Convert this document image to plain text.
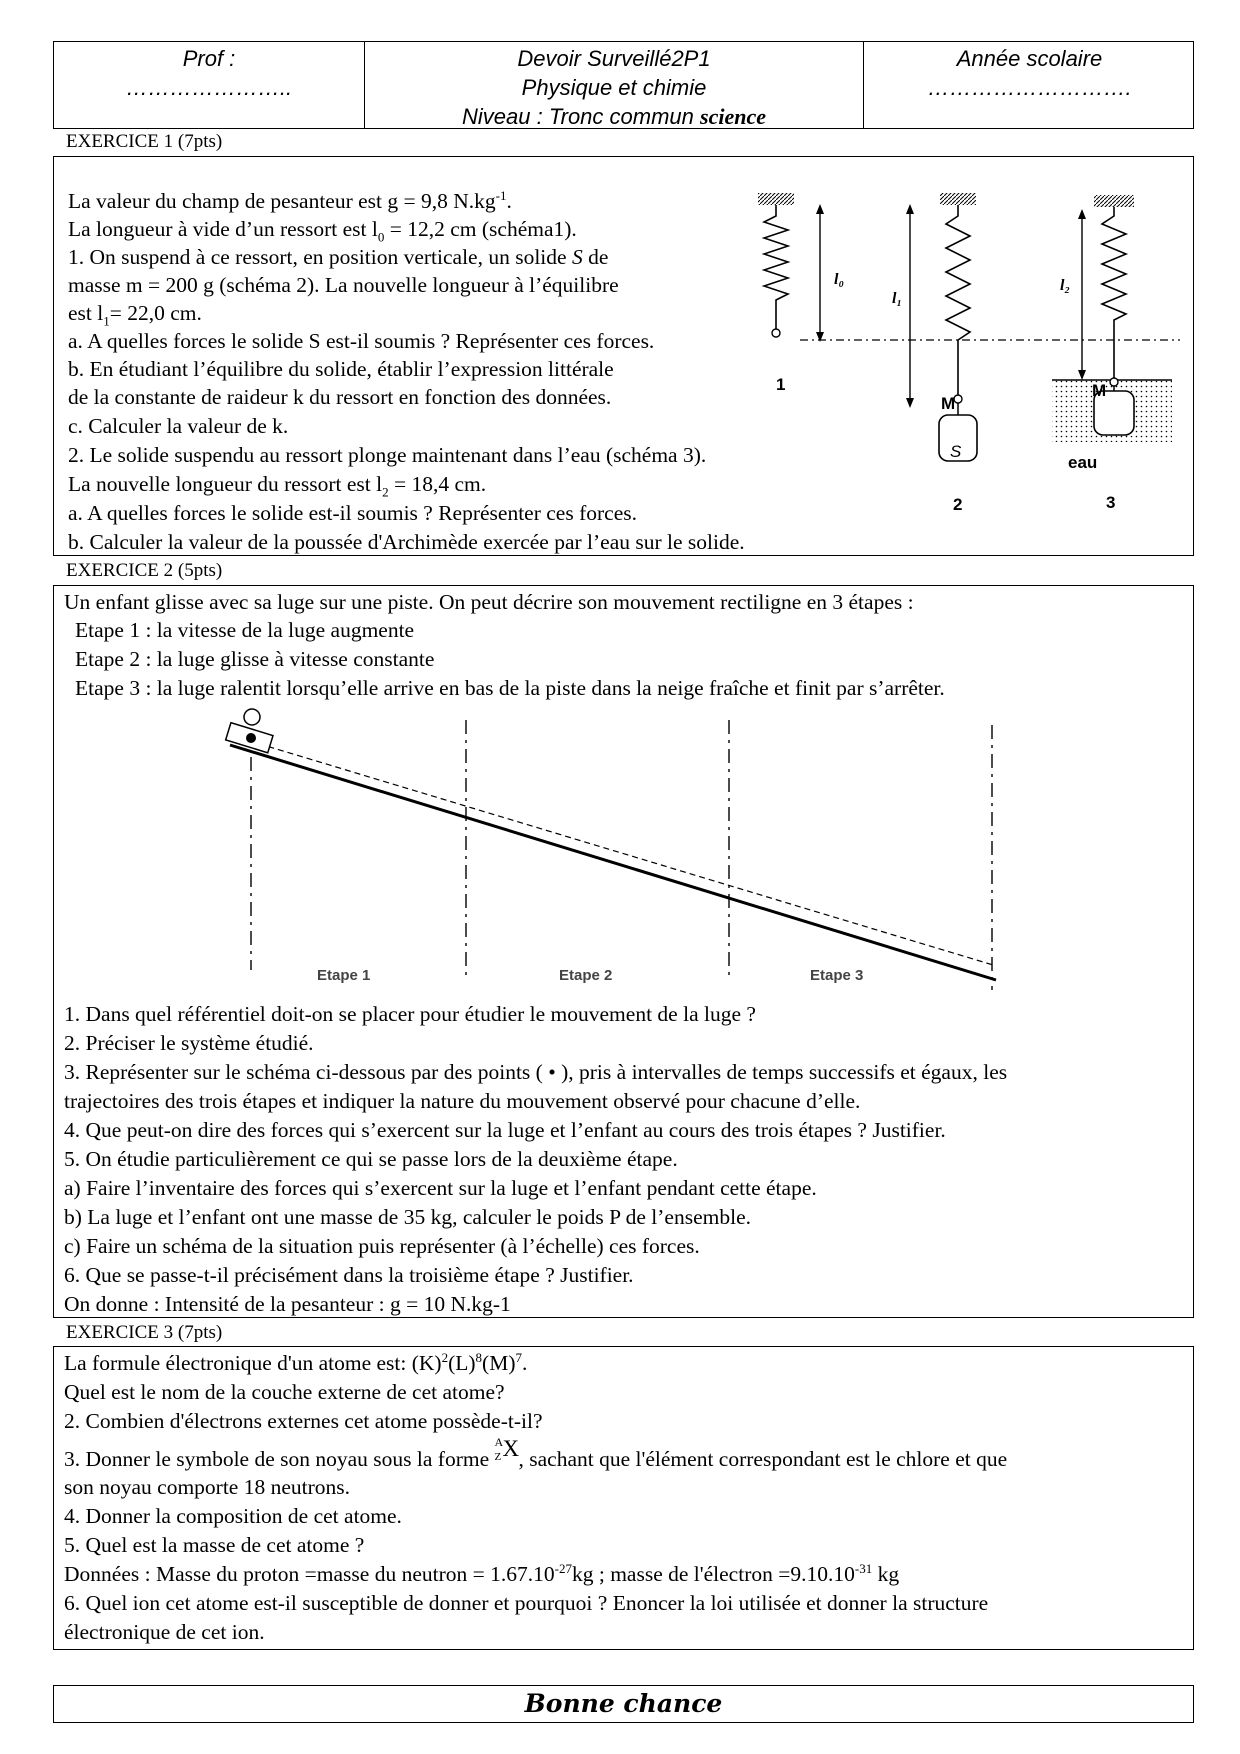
Prof :
…………………..
Devoir Surveillé2P1
Physique et chimie
Niveau : Tronc commun science
Année scolaire
……………………….
EXERCICE 1 (7pts)
La valeur du champ de pesanteur est g = 9,8 $N.kg^{-1}$.
La longueur à vide d’un ressort est $l_0 = 12,2$ cm (schéma1).
1. On suspend à ce ressort, en position verticale, un solide S de
masse m = 200 g (schéma 2). La nouvelle longueur à l’équilibre
est $l_1= 22,0$ cm.
a. A quelles forces le solide S est-il soumis ? Représenter ces forces.
b. En étudiant l’équilibre du solide, établir l’expression littérale
de la constante de raideur k du ressort en fonction des données.
c. Calculer la valeur de k.
2. Le solide suspendu au ressort plonge maintenant dans l’eau (schéma 3).
La nouvelle longueur du ressort est $l_2 = 18,4$ cm.
a. A quelles forces le solide est-il soumis ? Représenter ces forces.
b. Calculer la valeur de la poussée d'Archimède exercée par l’eau sur le solide.
l₀
l₁
l₂
1
M
M
S
eau
2	3
EXERCICE 2 (5pts)
Un enfant glisse avec sa luge sur une piste. On peut décrire son mouvement rectiligne en 3 étapes :
Etape 1 : la vitesse de la luge augmente
Etape 2 : la luge glisse à vitesse constante
Etape 3 : la luge ralentit lorsqu’elle arrive en bas de la piste dans la neige fraîche et finit par s’arrêter.
Etape 1	Etape 2	Etape 3
1. Dans quel référentiel doit-on se placer pour étudier le mouvement de la luge ?
2. Préciser le système étudié.
3. Représenter sur le schéma ci-dessous par des points ( • ), pris à intervalles de temps successifs et égaux, les
trajectoires des trois étapes et indiquer la nature du mouvement observé pour chacune d’elle.
4. Que peut-on dire des forces qui s’exercent sur la luge et l’enfant au cours des trois étapes ? Justifier.
5. On étudie particulièrement ce qui se passe lors de la deuxième étape.
a) Faire l’inventaire des forces qui s’exercent sur la luge et l’enfant pendant cette étape.
b) La luge et l’enfant ont une masse de 35 kg, calculer le poids P de l’ensemble.
c) Faire un schéma de la situation puis représenter (à l’échelle) ces forces.
6. Que se passe-t-il précisément dans la troisième étape ? Justifier.
On donne : Intensité de la pesanteur : g = 10 N.kg-1
EXERCICE 3 (7pts)
La formule électronique d'un atome est: $(K)^2(L)^8(M)^7$.
Quel est le nom de la couche externe de cet atome?
2. Combien d'électrons externes cet atome possède-t-il?
3. Donner le symbole de son noyau sous la forme
A
Z X , sachant que l'élément correspondant est le chlore et que
son noyau comporte 18 neutrons.
4. Donner la composition de cet atome.
5. Quel est la masse de cet atome ?
Données : Masse du proton =masse du neutron = $1.67.10^{-27}kg$ ; masse de l'électron $=9.10.10^{-31}$ kg
6. Quel ion cet atome est-il susceptible de donner et pourquoi ? Enoncer la loi utilisée et donner la structure
électronique de cet ion.
Bonne chance
